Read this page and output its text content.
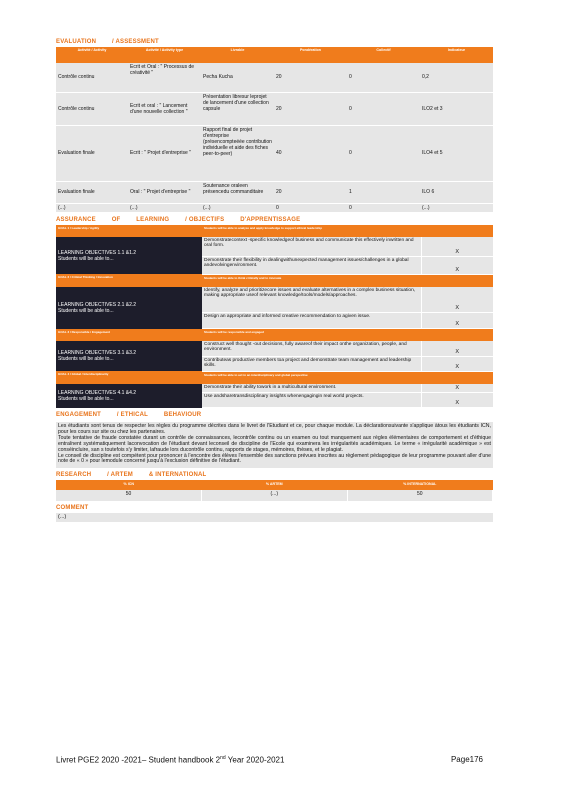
EVALUATION	/ ASSESSMENT
Activité / Activity	Activité / Activity type	Livrable	Pondération	Collectif	Indicateur
Contrôle continu	Ecrit et Oral : " Processus de créativité "	Pecha Kucha	20	0	0,2
Contrôle continu	Ecrit et oral : " Lancement d'une nouvelle collection "	Présentation libresur leprojet de lancement d'une collection capsule	20	0	ILO2 et 3
Evaluation finale	Ecrit : " Projet d'entreprise "	Rapport final de projet d'entreprise (présencompteéée contribution individuelle et aide des fiches peer-to-peer)	40	0	ILO4 et 5
Evaluation finale	Oral : " Projet d'entreprise "	Soutenance oraleen présencedu commanditaire	20	1	ILO 6
(...)	(...)	(...)	0	0	(...)
ASSURANCE	OF	LEARNING	/ OBJECTIFS	D'APPRENTISSAGE
GOAL 1 / Leadership / Agility	Students will be able to analyze and apply knowledge to support ethical leadership	

LEARNING OBJECTIVES 1.1 &1.2
Students will be able to...	Demonstratecontext -specific knowledgeof business and communicate this effectively inwritten and oral form.	X
	Demonstrate their flexibility in dealingwithunexpected management issues/challenges in a global andevolvingenvironment.	X
GOAL 2 / Critical Thinking / Innovation	Students will be able to think critically and to innovate	

LEARNING OBJECTIVES 2.1 &2.2
Students will be able to...	Identify, analyze and prioritizecore issues and evaluate alternatives in a complex business situation, making appropriate useof relevant knowledge/tools/models/approaches.	X
	Design an appropriate and informed creative recommendation to agiven issue.	X
GOAL 3 / Responsible / Engagement	Students will be responsible and engaged	

LEARNING OBJECTIVES 3.1 &3.2
Students will be able to...	Construct well thought -out decisions, fully awareof their impact onthe organization, people, and environment.	X
	Contributeas productive members toa project and demonstrate team management and leadership skills.	X
GOAL 4 / Global / Interdisciplinarity	Students will be able to act in an interdisciplinary and global perspective	

LEARNING OBJECTIVES 4.1 &4.2
Students will be able to...	Demonstrate their ability towork in a multicultural environment.	X
	Use andsharetransdisciplinary insights whenengagingin real world projects.	X
ENGAGEMENT	/ ETHICAL	BEHAVIOUR

Les étudiants sont tenus de respecter les règles du programme décrites dans le livret de l'Etudiant et ce, pour chaque module. La déclarationsuivante s'applique àtous les étudiants ICN, pour les cours sur site ou chez les partenaires.

Toute tentative de fraude constatée durant un contrôle de connaissances, lecontrôle continu ou un examen ou tout manquement aux règles élémentaires de comportement et d'éthique entraînent systématiquement laconvocation de l'étudiant devant leconseil de discipline de l'Ecole qui examinera les irrégularités académiques. Le terme « irrégularité académique » est conséincluire, san s toutefois s'y limiter, lafraude lors ducontrôle continu, rapports de stages, mémoires, thèses, et le plagiat.

Le conseil de discipline est compétent pour prononcer à l'encontre des élèves l'ensemble des sanctions prévues inscrites au règlement pédagogique de leur programme pouvant aller d'une note de « 0 » pour lemodule concerné jusqu'à l'exclusion définitive de l'étudiant.

RESEARCH	/ ARTEM	& INTERNATIONAL
% ICN	% ARTEM	% INTERNATIONAL
50	(...)	50
COMMENT
(...)
Livret PGE2 2020 -2021– Student handbook 2nd Year 2020-2021	Page176
